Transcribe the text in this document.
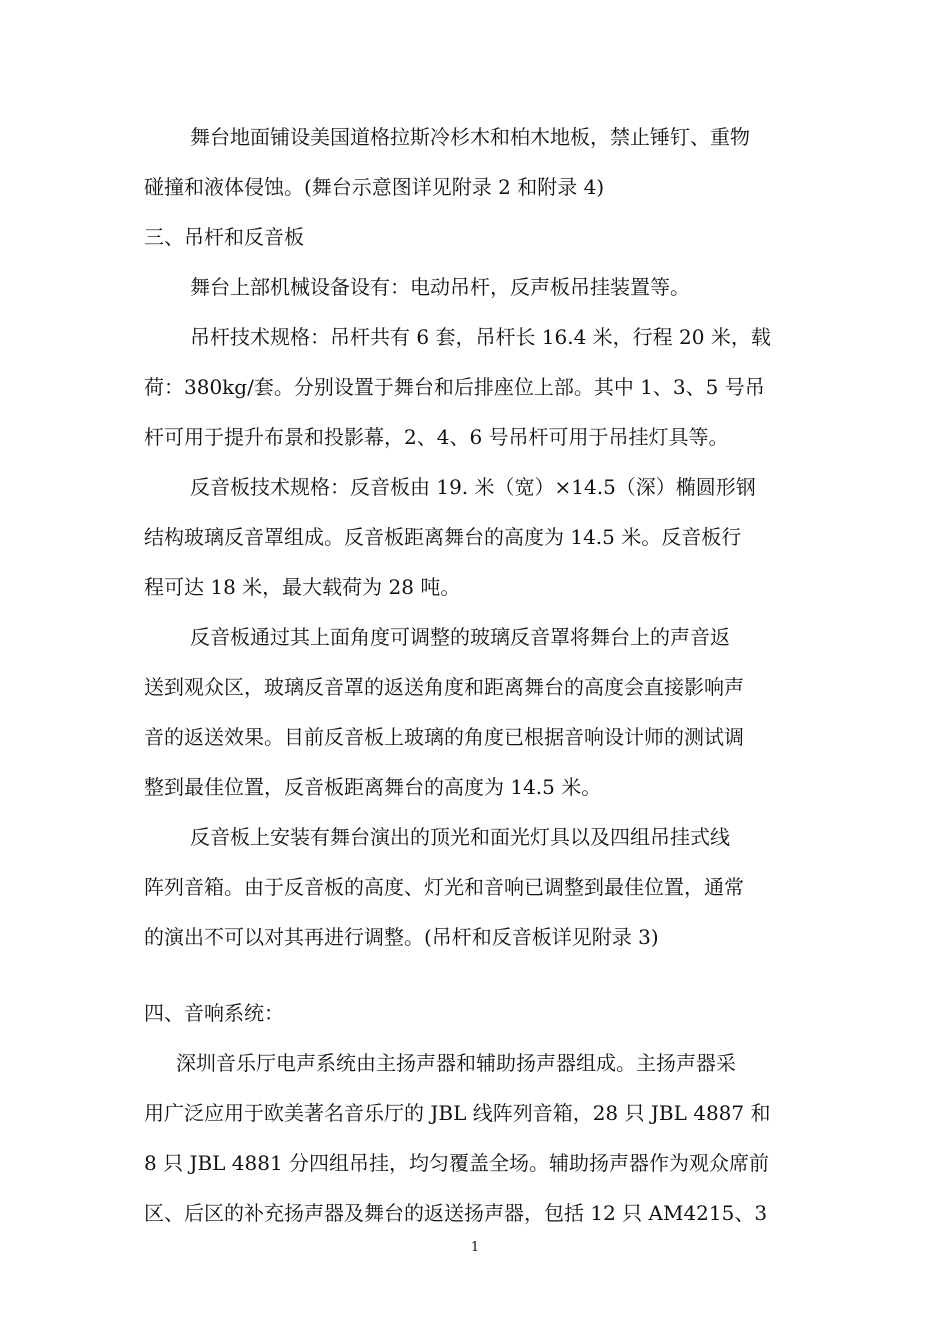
舞台地面铺设美国道格拉斯冷杉木和柏木地板，禁止锤钉、重物
碰撞和液体侵蚀。(舞台示意图详见附录 2 和附录 4)
三、吊杆和反音板
舞台上部机械设备设有：电动吊杆，反声板吊挂装置等。
吊杆技术规格：吊杆共有 6 套，吊杆长 16.4 米，行程 20 米，载
荷：380kg/套。分别设置于舞台和后排座位上部。其中 1、3、5 号吊
杆可用于提升布景和投影幕，2、4、6 号吊杆可用于吊挂灯具等。
反音板技术规格：反音板由 19. 米（宽）×14.5（深）椭圆形钢
结构玻璃反音罩组成。反音板距离舞台的高度为 14.5 米。反音板行
程可达 18 米，最大载荷为 28 吨。
反音板通过其上面角度可调整的玻璃反音罩将舞台上的声音返
送到观众区，玻璃反音罩的返送角度和距离舞台的高度会直接影响声
音的返送效果。目前反音板上玻璃的角度已根据音响设计师的测试调
整到最佳位置，反音板距离舞台的高度为 14.5 米。
反音板上安装有舞台演出的顶光和面光灯具以及四组吊挂式线
阵列音箱。由于反音板的高度、灯光和音响已调整到最佳位置，通常
的演出不可以对其再进行调整。(吊杆和反音板详见附录 3)
四、音响系统：
深圳音乐厅电声系统由主扬声器和辅助扬声器组成。主扬声器采
用广泛应用于欧美著名音乐厅的 JBL 线阵列音箱，28 只 JBL 4887 和
8 只 JBL 4881 分四组吊挂，均匀覆盖全场。辅助扬声器作为观众席前
区、后区的补充扬声器及舞台的返送扬声器，包括 12 只 AM4215、3
1
